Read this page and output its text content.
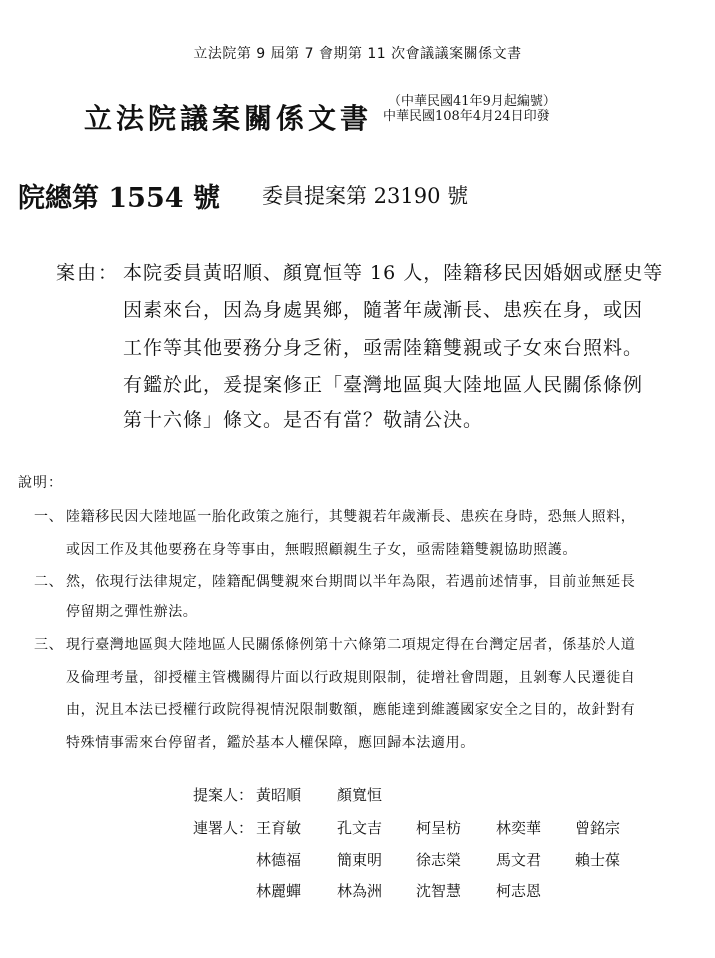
立法院第 9 屆第 7 會期第 11 次會議議案關係文書
立法院議案關係文書
（中華民國41年9月起編號）
中華民國108年4月24日印發
院總第 1554 號 委員提案第 23190 號
案由： 本院委員黃昭順、顏寬恒等 16 人，陸籍移民因婚姻或歷史等
因素來台，因為身處異鄉，隨著年歲漸長、患疾在身，或因
工作等其他要務分身乏術，亟需陸籍雙親或子女來台照料。
有鑑於此，爰提案修正「臺灣地區與大陸地區人民關係條例
第十六條」條文。是否有當？敬請公決。
說明：
一、 陸籍移民因大陸地區一胎化政策之施行，其雙親若年歲漸長、患疾在身時，恐無人照料，
或因工作及其他要務在身等事由，無暇照顧親生子女，亟需陸籍雙親協助照護。
二、 然，依現行法律規定，陸籍配偶雙親來台期間以半年為限，若遇前述情事，目前並無延長
停留期之彈性辦法。
三、 現行臺灣地區與大陸地區人民關係條例第十六條第二項規定得在台灣定居者，係基於人道
及倫理考量，卻授權主管機關得片面以行政規則限制，徒增社會問題，且剝奪人民遷徙自
由，況且本法已授權行政院得視情況限制數額，應能達到維護國家安全之目的，故針對有
特殊情事需來台停留者，鑑於基本人權保障，應回歸本法適用。
提案人： 黃昭順 顏寬恒
連署人： 王育敏 孔文吉 柯呈枋 林奕華 曾銘宗
林德福 簡東明 徐志榮 馬文君 賴士葆
林麗蟬 林為洲 沈智慧 柯志恩
